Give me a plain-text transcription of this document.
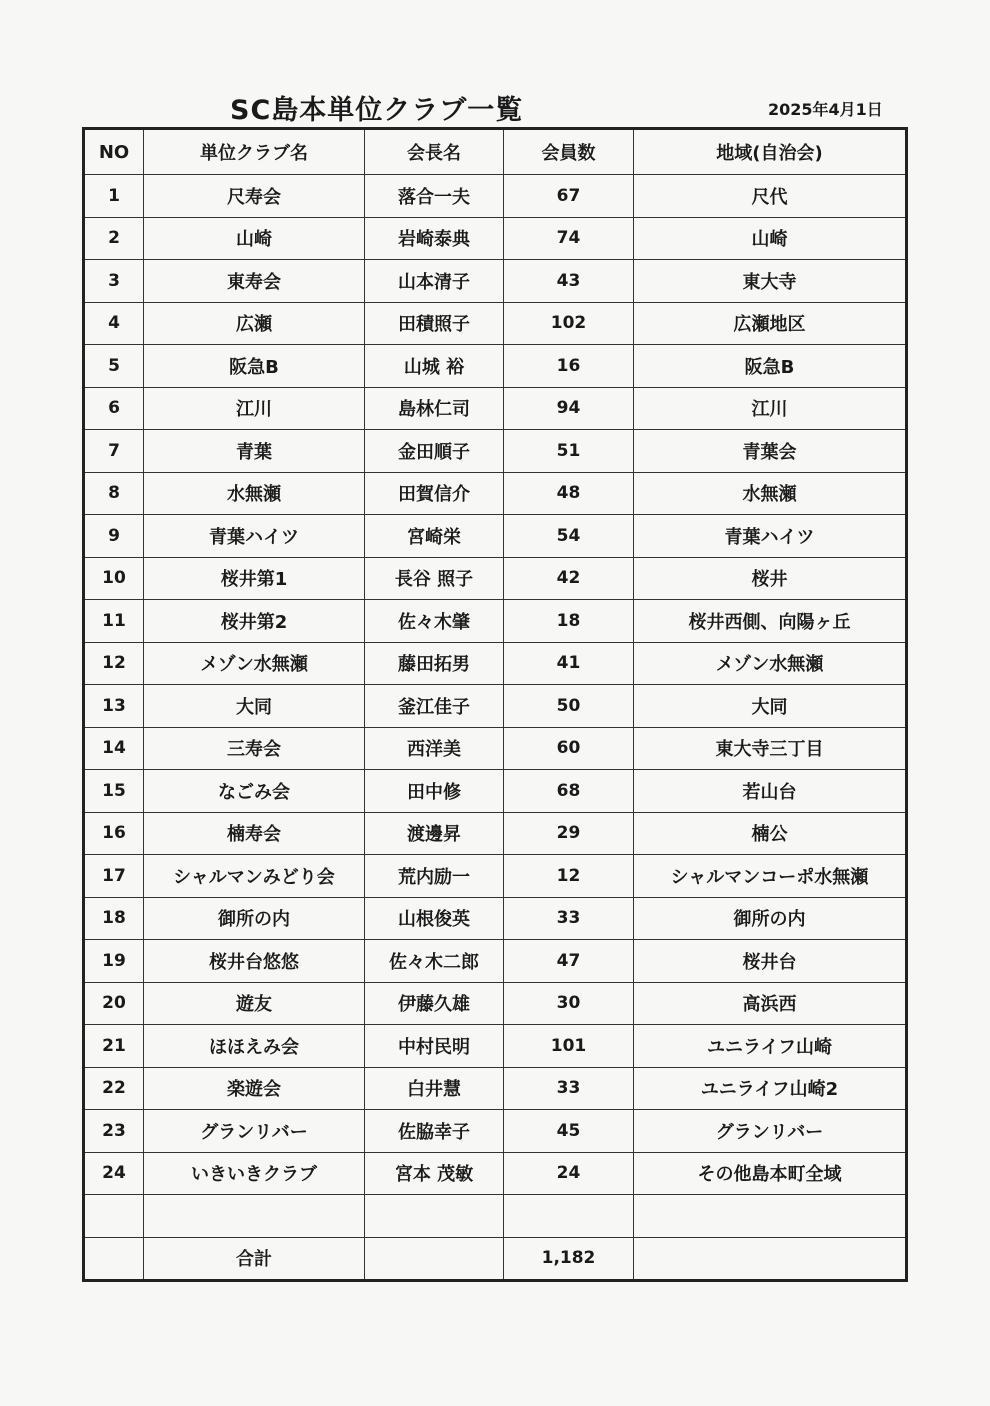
SC島本単位クラブ一覧	2025年4月1日
NO	単位クラブ名	会長名	会員数	地域(自治会)
1	尺寿会	落合一夫	67	尺代
2	山崎	岩崎泰典	74	山崎
3	東寿会	山本清子	43	東大寺
4	広瀬	田積照子	102	広瀬地区
5	阪急B	山城 裕	16	阪急B
6	江川	島林仁司	94	江川
7	青葉	金田順子	51	青葉会
8	水無瀬	田賀信介	48	水無瀬
9	青葉ハイツ	宮崎栄	54	青葉ハイツ
10	桜井第1	長谷 照子	42	桜井
11	桜井第2	佐々木肇	18	桜井西側、向陽ヶ丘
12	メゾン水無瀬	藤田拓男	41	メゾン水無瀬
13	大同	釜江佳子	50	大同
14	三寿会	西洋美	60	東大寺三丁目
15	なごみ会	田中修	68	若山台
16	楠寿会	渡邊昇	29	楠公
17	シャルマンみどり会	荒内励一	12	シャルマンコーポ水無瀬
18	御所の内	山根俊英	33	御所の内
19	桜井台悠悠	佐々木二郎	47	桜井台
20	遊友	伊藤久雄	30	高浜西
21	ほほえみ会	中村民明	101	ユニライフ山崎
22	楽遊会	白井慧	33	ユニライフ山崎2
23	グランリバー	佐脇幸子	45	グランリバー
24	いきいきクラブ	宮本 茂敏	24	その他島本町全域

	合計		1,182	
